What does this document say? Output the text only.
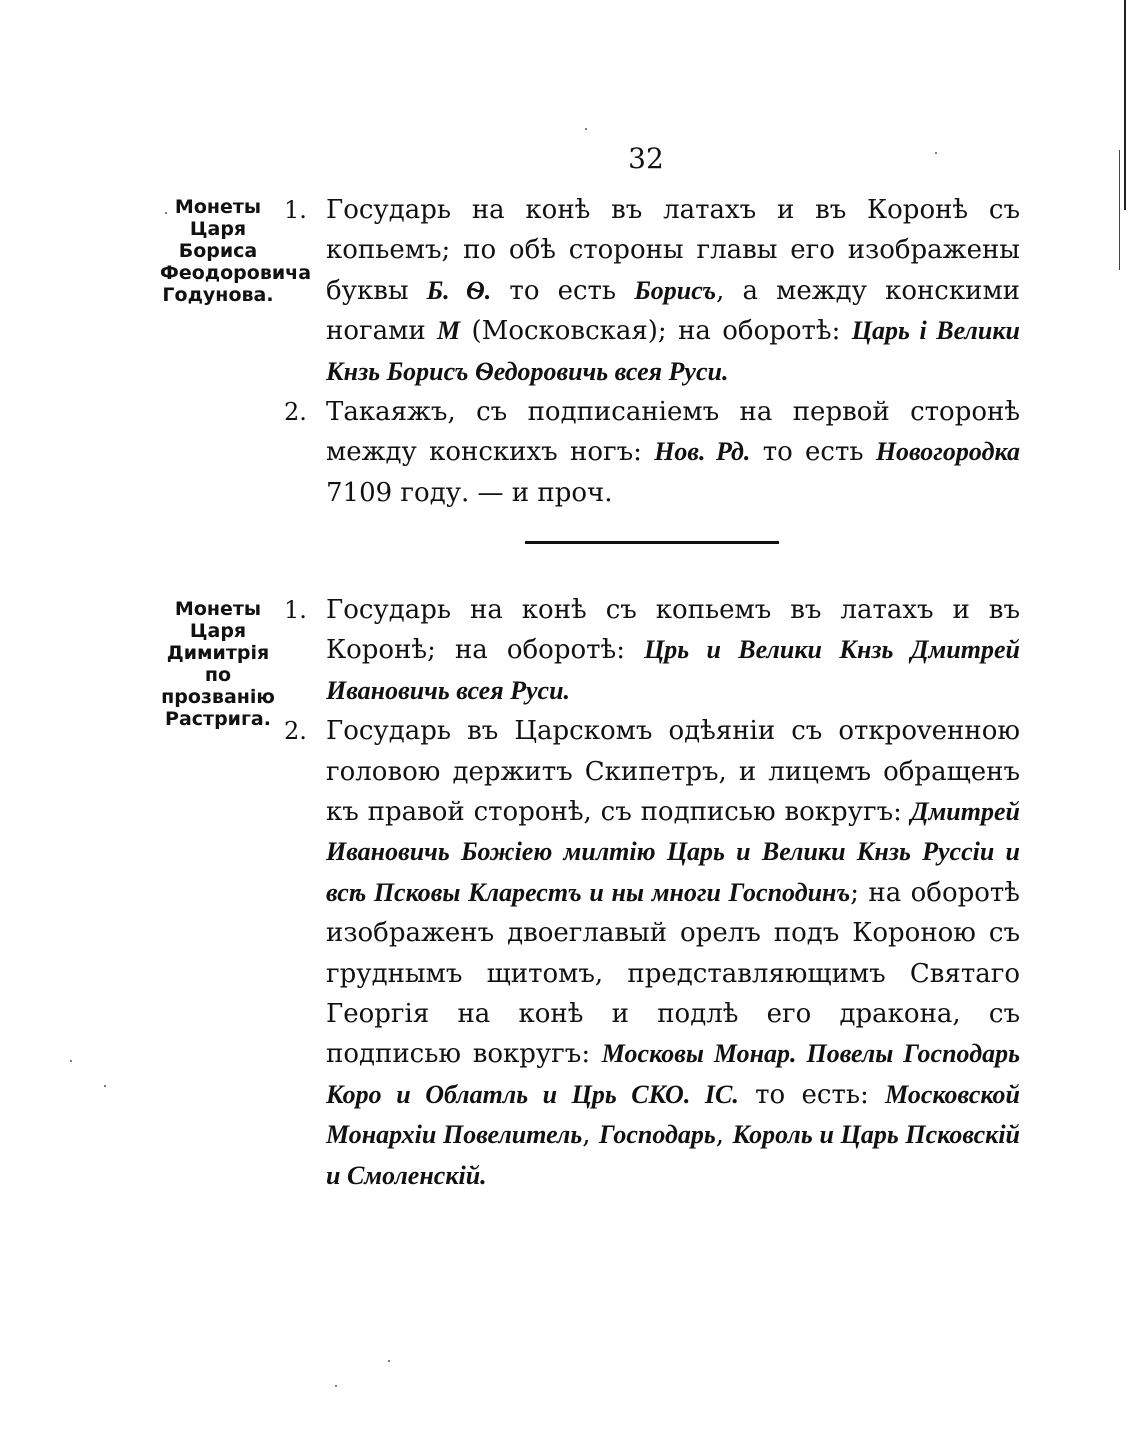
32
Монеты Царя Бориса Феодоровича Годунова.
1. Государь на конѣ въ латахъ и въ Коронѣ съ копьемъ; по обѣ стороны главы его изображены буквы Б. Ѳ. то есть Борисъ, а между конскими ногами М (Московская); на оборотѣ: Царь і Велики Кнзь Борисъ Ѳедоровичь всея Руси.
2. Такаяжъ, съ подписаніемъ на первой сторонѣ между конскихъ ногъ: Нов. Рд. то есть Новогородка 7109 году. — и проч.
Монеты Царя Димитрія по прозванію Растрига.
1. Государь на конѣ съ копьемъ въ латахъ и въ Коронѣ; на оборотѣ: Црь и Велики Кнзь Дмитрей Ивановичь всея Руси.
2. Государь въ Царскомъ одѣяніи съ открovенною головою держитъ Скипетръ, и лицемъ обращенъ къ правой сторонѣ, съ подписью вокругъ: Дмитрей Ивановичь Божіею милтію Царь и Велики Кнзь Руссіи и всѣ Псковы Кларестъ и ны многи Господинъ; на оборотѣ изображенъ двоеглавый орелъ подъ Короною съ груднымъ щитомъ, представляющимъ Святаго Георгія на конѣ и подлѣ его дракона, съ подписью вокругъ: Московы Монар. Повелы Господарь Коро и Облатль и Црь СКО. ІС. то есть: Московской Монархіи Повелитель, Господарь, Король и Царь Псковскій и Смоленскій.
